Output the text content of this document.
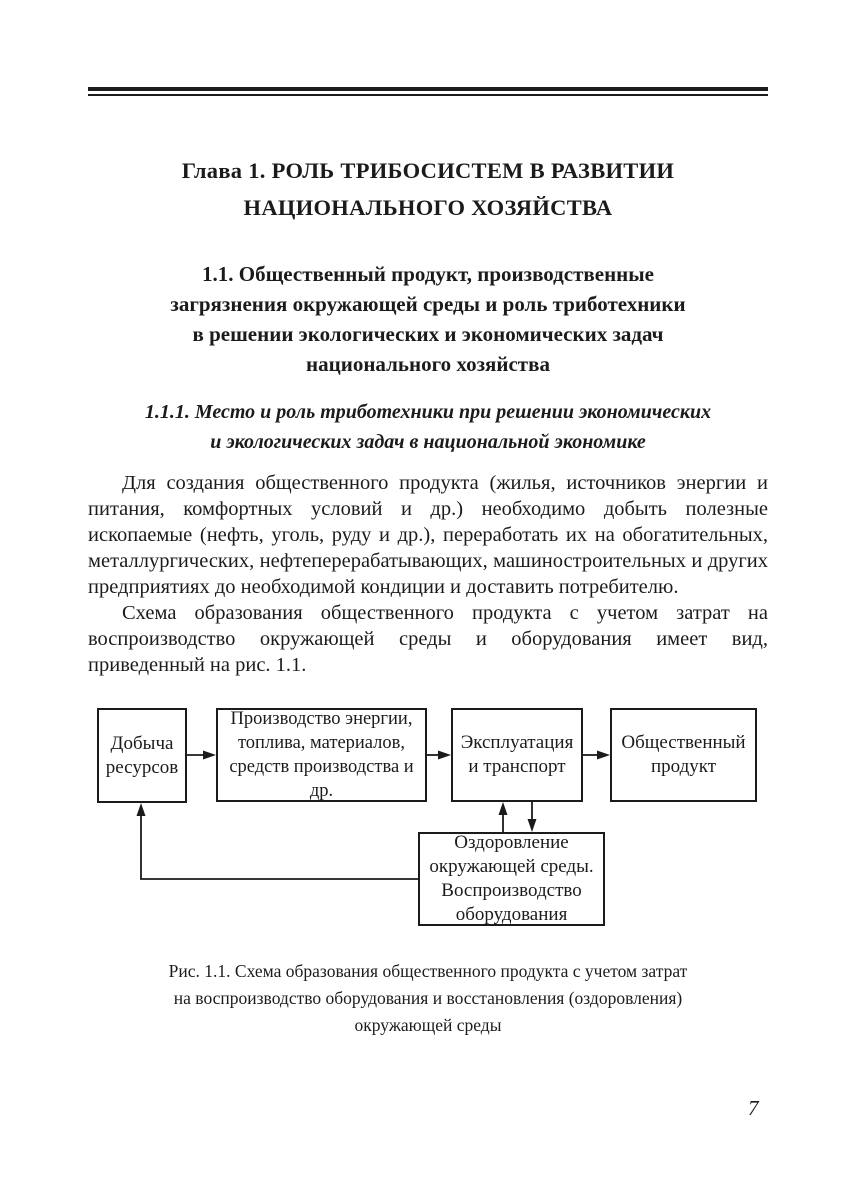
Глава 1. РОЛЬ ТРИБОСИСТЕМ В РАЗВИТИИ
НАЦИОНАЛЬНОГО ХОЗЯЙСТВА
1.1. Общественный продукт, производственные
загрязнения окружающей среды и роль триботехники
в решении экологических и экономических задач
национального хозяйства
1.1.1. Место и роль триботехники при решении экономических
и экологических задач в национальной экономике

Для создания общественного продукта (жилья, источников энергии и питания, комфортных условий и др.) необходимо добыть полезные ископаемые (нефть, уголь, руду и др.), переработать их на обогатительных, металлургических, нефтеперерабатывающих, машиностроительных и других предприятиях до необходимой кондиции и доставить потребителю.

Схема образования общественного продукта с учетом затрат на воспроизводство окружающей среды и оборудования имеет вид, приведенный на рис. 1.1.

Добыча ресурсов
Производство энергии, топлива, материалов, средств производства и др.
Эксплуатация и транспорт
Общественный продукт
Оздоровление окружающей среды. Воспроизводство оборудования
Рис. 1.1. Схема образования общественного продукта с учетом затрат
на воспроизводство оборудования и восстановления (оздоровления)
окружающей среды
7
